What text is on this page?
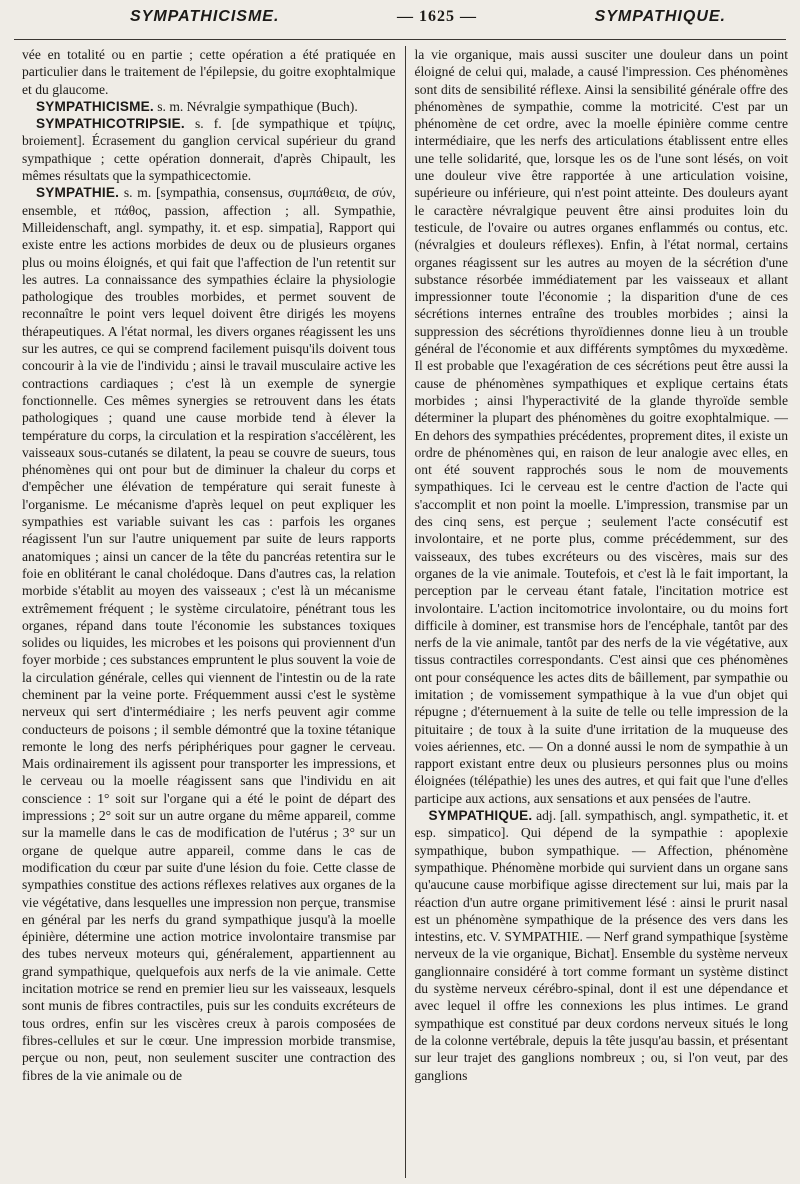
SYMPATHICISME.	— 1625 —	SYMPATHIQUE.

vée en totalité ou en partie ; cette opération a été pratiquée en particulier dans le traitement de l'épilepsie, du goitre exophtalmique et du glaucome.

SYMPATHICISME. s. m. Névralgie sympathique (Buch).

SYMPATHICOTRIPSIE. s. f. [de sympathique et τρίψις, broiement]. Écrasement du ganglion cervical supérieur du grand sympathique ; cette opération donnerait, d'après Chipault, les mêmes résultats que la sympathicectomie.

SYMPATHIE. s. m. [sympathia, consensus, συμπάθεια, de σύν, ensemble, et πάθος, passion, affection ; all. Sympathie, Milleidenschaft, angl. sympathy, it. et esp. simpatia], Rapport qui existe entre les actions morbides de deux ou de plusieurs organes plus ou moins éloignés, et qui fait que l'affection de l'un retentit sur les autres. La connaissance des sympathies éclaire la physiologie pathologique des troubles morbides, et permet souvent de reconnaître le point vers lequel doivent être dirigés les moyens thérapeutiques. A l'état normal, les divers organes réagissent les uns sur les autres, ce qui se comprend facilement puisqu'ils doivent tous concourir à la vie de l'individu ; ainsi le travail musculaire active les contractions cardiaques ; c'est là un exemple de synergie fonctionnelle. Ces mêmes synergies se retrouvent dans les états pathologiques ; quand une cause morbide tend à élever la température du corps, la circulation et la respiration s'accélèrent, les vaisseaux sous-cutanés se dilatent, la peau se couvre de sueurs, tous phénomènes qui ont pour but de diminuer la chaleur du corps et d'empêcher une élévation de température qui serait funeste à l'organisme. Le mécanisme d'après lequel on peut expliquer les sympathies est variable suivant les cas : parfois les organes réagissent l'un sur l'autre uniquement par suite de leurs rapports anatomiques ; ainsi un cancer de la tête du pancréas retentira sur le foie en oblitérant le canal cholédoque. Dans d'autres cas, la relation morbide s'établit au moyen des vaisseaux ; c'est là un mécanisme extrêmement fréquent ; le système circulatoire, pénétrant tous les organes, répand dans toute l'économie les substances toxiques solides ou liquides, les microbes et les poisons qui proviennent d'un foyer morbide ; ces substances empruntent le plus souvent la voie de la circulation générale, celles qui viennent de l'intestin ou de la rate cheminent par la veine porte. Fréquemment aussi c'est le système nerveux qui sert d'intermédiaire ; les nerfs peuvent agir comme conducteurs de poisons ; il semble démontré que la toxine tétanique remonte le long des nerfs périphériques pour gagner le cerveau. Mais ordinairement ils agissent pour transporter les impressions, et le cerveau ou la moelle réagissent sans que l'individu en ait conscience : 1° soit sur l'organe qui a été le point de départ des impressions ; 2° soit sur un autre organe du même appareil, comme sur la mamelle dans le cas de modification de l'utérus ; 3° sur un organe de quelque autre appareil, comme dans le cas de modification du cœur par suite d'une lésion du foie. Cette classe de sympathies constitue des actions réflexes relatives aux organes de la vie végétative, dans lesquelles une impression non perçue, transmise en général par les nerfs du grand sympathique jusqu'à la moelle épinière, détermine une action motrice involontaire transmise par des tubes nerveux moteurs qui, généralement, appartiennent au grand sympathique, quelquefois aux nerfs de la vie animale. Cette incitation motrice se rend en premier lieu sur les vaisseaux, lesquels sont munis de fibres contractiles, puis sur les conduits excréteurs de tous ordres, enfin sur les viscères creux à parois composées de fibres-cellules et sur le cœur. Une impression morbide transmise, perçue ou non, peut, non seulement susciter une contraction des fibres de la vie animale ou de

la vie organique, mais aussi susciter une douleur dans un point éloigné de celui qui, malade, a causé l'impression. Ces phénomènes sont dits de sensibilité réflexe. Ainsi la sensibilité générale offre des phénomènes de sympathie, comme la motricité. C'est par un phénomène de cet ordre, avec la moelle épinière comme centre intermédiaire, que les nerfs des articulations établissent entre elles une telle solidarité, que, lorsque les os de l'une sont lésés, on voit une douleur vive être rapportée à une articulation voisine, supérieure ou inférieure, qui n'est point atteinte. Des douleurs ayant le caractère névralgique peuvent être ainsi produites loin du testicule, de l'ovaire ou autres organes enflammés ou contus, etc. (névralgies et douleurs réflexes). Enfin, à l'état normal, certains organes réagissent sur les autres au moyen de la sécrétion d'une substance résorbée immédiatement par les vaisseaux et allant impressionner toute l'économie ; la disparition d'une de ces sécrétions internes entraîne des troubles morbides ; ainsi la suppression des sécrétions thyroïdiennes donne lieu à un trouble général de l'économie et aux différents symptômes du myxœdème. Il est probable que l'exagération de ces sécrétions peut être aussi la cause de phénomènes sympathiques et explique certains états morbides ; ainsi l'hyperactivité de la glande thyroïde semble déterminer la plupart des phénomènes du goitre exophtalmique. — En dehors des sympathies précédentes, proprement dites, il existe un ordre de phénomènes qui, en raison de leur analogie avec elles, en ont été souvent rapprochés sous le nom de mouvements sympathiques. Ici le cerveau est le centre d'action de l'acte qui s'accomplit et non point la moelle. L'impression, transmise par un des cinq sens, est perçue ; seulement l'acte consécutif est involontaire, et ne porte plus, comme précédemment, sur des vaisseaux, des tubes excréteurs ou des viscères, mais sur des organes de la vie animale. Toutefois, et c'est là le fait important, la perception par le cerveau étant fatale, l'incitation motrice est involontaire. L'action incitomotrice involontaire, ou du moins fort difficile à dominer, est transmise hors de l'encéphale, tantôt par des nerfs de la vie animale, tantôt par des nerfs de la vie végétative, aux tissus contractiles correspondants. C'est ainsi que ces phénomènes ont pour conséquence les actes dits de bâillement, par sympathie ou imitation ; de vomissement sympathique à la vue d'un objet qui répugne ; d'éternuement à la suite de telle ou telle impression de la pituitaire ; de toux à la suite d'une irritation de la muqueuse des voies aériennes, etc. — On a donné aussi le nom de sympathie à un rapport existant entre deux ou plusieurs personnes plus ou moins éloignées (télépathie) les unes des autres, et qui fait que l'une d'elles participe aux actions, aux sensations et aux pensées de l'autre.

SYMPATHIQUE. adj. [all. sympathisch, angl. sympathetic, it. et esp. simpatico]. Qui dépend de la sympathie : apoplexie sympathique, bubon sympathique. — Affection, phénomène sympathique. Phénomène morbide qui survient dans un organe sans qu'aucune cause morbifique agisse directement sur lui, mais par la réaction d'un autre organe primitivement lésé : ainsi le prurit nasal est un phénomène sympathique de la présence des vers dans les intestins, etc. V. SYMPATHIE. — Nerf grand sympathique [système nerveux de la vie organique, Bichat]. Ensemble du système nerveux ganglionnaire considéré à tort comme formant un système distinct du système nerveux cérébro-spinal, dont il est une dépendance et avec lequel il offre les connexions les plus intimes. Le grand sympathique est constitué par deux cordons nerveux situés le long de la colonne vertébrale, depuis la tête jusqu'au bassin, et présentant sur leur trajet des ganglions nombreux ; ou, si l'on veut, par des ganglions
